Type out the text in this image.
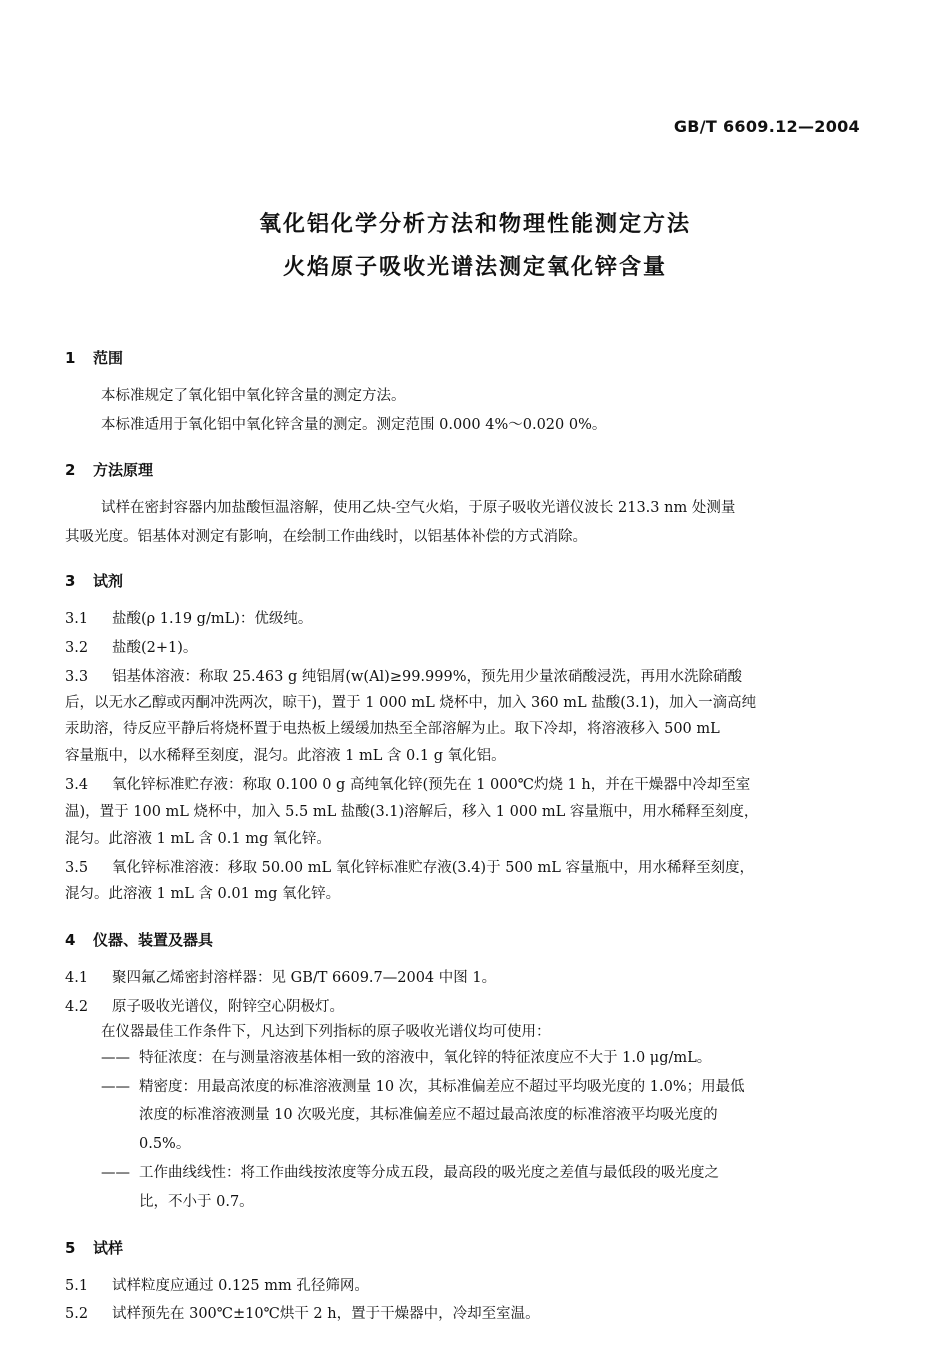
GB/T 6609.12—2004
氧化铝化学分析方法和物理性能测定方法
火焰原子吸收光谱法测定氧化锌含量
1 范围
本标准规定了氧化铝中氧化锌含量的测定方法。
本标准适用于氧化铝中氧化锌含量的测定。测定范围 0.000 4%～0.020 0%。
2 方法原理
试样在密封容器内加盐酸恒温溶解，使用乙炔-空气火焰，于原子吸收光谱仪波长 213.3 nm 处测量
其吸光度。铝基体对测定有影响，在绘制工作曲线时，以铝基体补偿的方式消除。
3 试剂
3.1 盐酸(ρ 1.19 g/mL)：优级纯。
3.2 盐酸(2+1)。
3.3 铝基体溶液：称取 25.463 g 纯铝屑(w(Al)≥99.999%，预先用少量浓硝酸浸洗，再用水洗除硝酸
后，以无水乙醇或丙酮冲洗两次，晾干)，置于 1 000 mL 烧杯中，加入 360 mL 盐酸(3.1)，加入一滴高纯
汞助溶，待反应平静后将烧杯置于电热板上缓缓加热至全部溶解为止。取下冷却，将溶液移入 500 mL
容量瓶中，以水稀释至刻度，混匀。此溶液 1 mL 含 0.1 g 氧化铝。
3.4 氧化锌标准贮存液：称取 0.100 0 g 高纯氧化锌(预先在 1 000℃灼烧 1 h，并在干燥器中冷却至室
温)，置于 100 mL 烧杯中，加入 5.5 mL 盐酸(3.1)溶解后，移入 1 000 mL 容量瓶中，用水稀释至刻度，
混匀。此溶液 1 mL 含 0.1 mg 氧化锌。
3.5 氧化锌标准溶液：移取 50.00 mL 氧化锌标准贮存液(3.4)于 500 mL 容量瓶中，用水稀释至刻度，
混匀。此溶液 1 mL 含 0.01 mg 氧化锌。
4 仪器、装置及器具
4.1 聚四氟乙烯密封溶样器：见 GB/T 6609.7—2004 中图 1。
4.2 原子吸收光谱仪，附锌空心阴极灯。
在仪器最佳工作条件下，凡达到下列指标的原子吸收光谱仪均可使用：
—— 特征浓度：在与测量溶液基体相一致的溶液中，氧化锌的特征浓度应不大于 1.0 μg/mL。
—— 精密度：用最高浓度的标准溶液测量 10 次，其标准偏差应不超过平均吸光度的 1.0%；用最低
浓度的标准溶液测量 10 次吸光度，其标准偏差应不超过最高浓度的标准溶液平均吸光度的
0.5%。
—— 工作曲线线性：将工作曲线按浓度等分成五段，最高段的吸光度之差值与最低段的吸光度之
比，不小于 0.7。
5 试样
5.1 试样粒度应通过 0.125 mm 孔径筛网。
5.2 试样预先在 300℃±10℃烘干 2 h，置于干燥器中，冷却至室温。
